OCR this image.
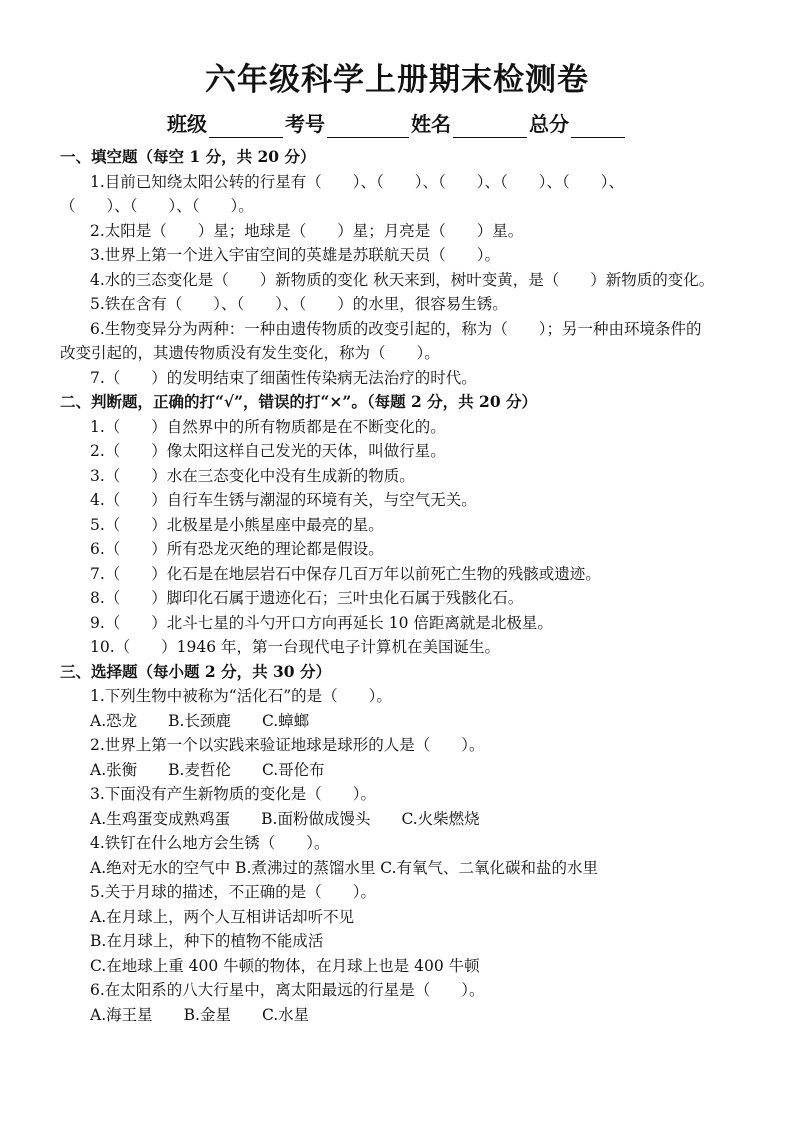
六年级科学上册期末检测卷
班级	考号	姓名	总分
一、填空题（每空 1 分，共 20 分）
1.目前已知绕太阳公转的行星有（　　）、（　　）、（　　）、（　　）、（　　）、
（　　）、（　　）、（　　）。
2.太阳是（　　）星；地球是（　　）星；月亮是（　　）星。
3.世界上第一个进入宇宙空间的英雄是苏联航天员（　　）。
4.水的三态变化是（　　）新物质的变化 秋天来到，树叶变黄，是（　　）新物质的变化。
5.铁在含有（　　）、（　　）、（　　）的水里，很容易生锈。
6.生物变异分为两种：一种由遗传物质的改变引起的，称为（　　）；另一种由环境条件的
改变引起的，其遗传物质没有发生变化，称为（　　）。
7.（　　）的发明结束了细菌性传染病无法治疗的时代。
二、判断题，正确的打“√”，错误的打“×”。（每题 2 分，共 20 分）
1.（　　）自然界中的所有物质都是在不断变化的。
2.（　　）像太阳这样自己发光的天体，叫做行星。
3.（　　）水在三态变化中没有生成新的物质。
4.（　　）自行车生锈与潮湿的环境有关，与空气无关。
5.（　　）北极星是小熊星座中最亮的星。
6.（　　）所有恐龙灭绝的理论都是假设。
7.（　　）化石是在地层岩石中保存几百万年以前死亡生物的残骸或遗迹。
8.（　　）脚印化石属于遗迹化石；三叶虫化石属于残骸化石。
9.（　　）北斗七星的斗勺开口方向再延长 10 倍距离就是北极星。
10.（　　）1946 年，第一台现代电子计算机在美国诞生。
三、选择题（每小题 2 分，共 30 分）
1.下列生物中被称为“活化石”的是（　　）。
A.恐龙　　B.长颈鹿　　C.蟑螂
2.世界上第一个以实践来验证地球是球形的人是（　　）。
A.张衡　　B.麦哲伦　　C.哥伦布
3.下面没有产生新物质的变化是（　　）。
A.生鸡蛋变成熟鸡蛋　　B.面粉做成馒头　　C.火柴燃烧
4.铁钉在什么地方会生锈（　　）。
A.绝对无水的空气中 B.煮沸过的蒸馏水里 C.有氧气、二氧化碳和盐的水里
5.关于月球的描述，不正确的是（　　）。
A.在月球上，两个人互相讲话却听不见
B.在月球上，种下的植物不能成活
C.在地球上重 400 牛顿的物体，在月球上也是 400 牛顿
6.在太阳系的八大行星中，离太阳最远的行星是（　　）。
A.海王星　　B.金星　　C.水星
